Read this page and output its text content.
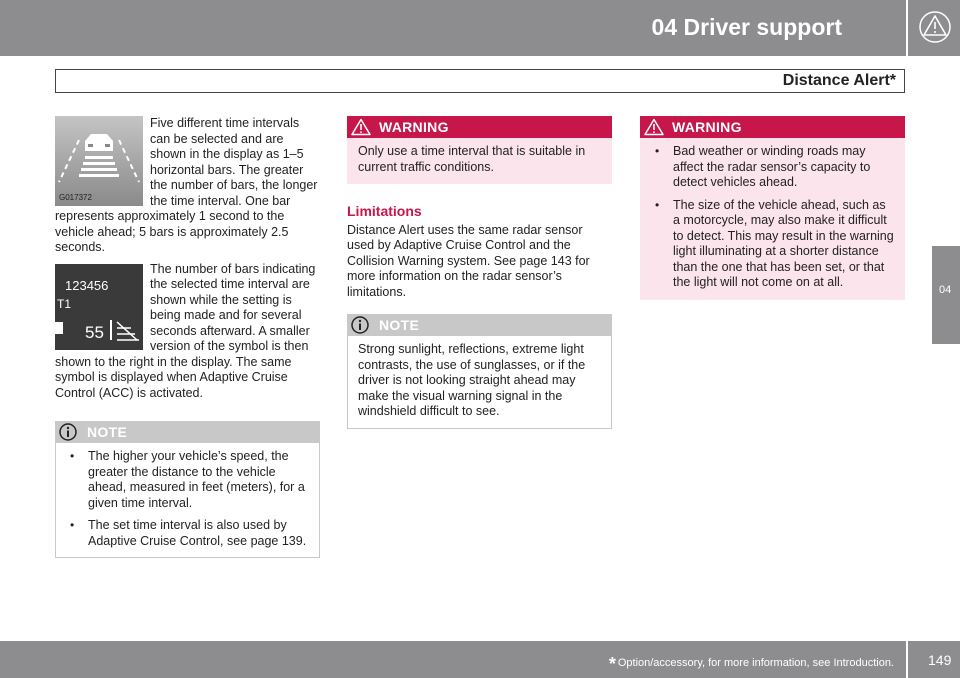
04 Driver support
Distance Alert*
04
G017372
Five different time intervals can be selected and are shown in the display as 1–5 horizontal bars. The greater the number of bars, the longer the time interval. One bar represents approximately 1 second to the vehicle ahead; 5 bars is approximately 2.5 seconds.
123456
T1
55
The number of bars indicating the selected time interval are shown while the setting is being made and for several seconds afterward. A smaller version of the symbol is then shown to the right in the display. The same symbol is displayed when Adaptive Cruise Control (ACC) is activated.
NOTE
• The higher your vehicle’s speed, the greater the distance to the vehicle ahead, measured in feet (meters), for a given time interval.
• The set time interval is also used by Adaptive Cruise Control, see page 139.
WARNING
Only use a time interval that is suitable in current traffic conditions.
Limitations
Distance Alert uses the same radar sensor used by Adaptive Cruise Control and the Collision Warning system. See page 143 for more information on the radar sensor’s limitations.
NOTE
Strong sunlight, reflections, extreme light contrasts, the use of sunglasses, or if the driver is not looking straight ahead may make the visual warning signal in the windshield difficult to see.
WARNING
• Bad weather or winding roads may affect the radar sensor’s capacity to detect vehicles ahead.
• The size of the vehicle ahead, such as a motorcycle, may also make it difficult to detect. This may result in the warning light illuminating at a shorter distance than the one that has been set, or that the light will not come on at all.
* Option/accessory, for more information, see Introduction. 149
